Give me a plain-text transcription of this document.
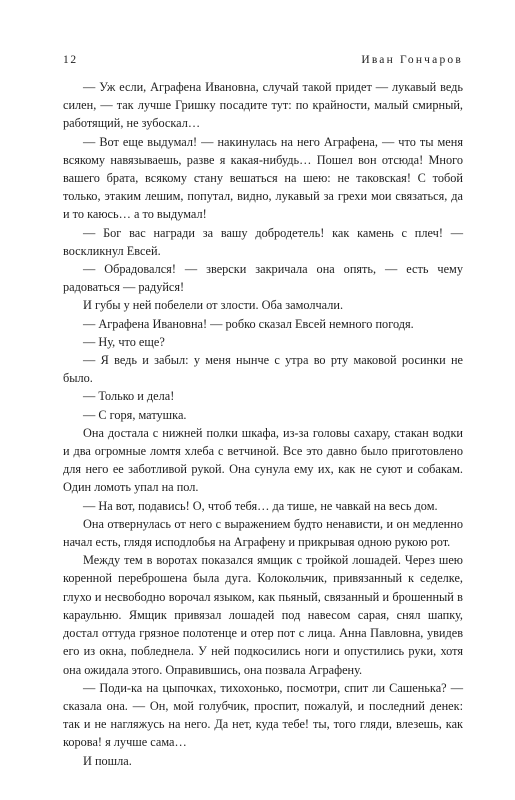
12	Иван Гончаров

— Уж если, Аграфена Ивановна, случай такой придет — лукавый ведь силен, — так лучше Гришку посадите тут: по крайности, малый смирный, работящий, не зубоскал…

— Вот еще выдумал! — накинулась на него Аграфена, — что ты меня всякому навязываешь, разве я какая-нибудь… Пошел вон отсюда! Много вашего брата, всякому стану вешаться на шею: не таковская! С тобой только, этаким лешим, попутал, видно, лукавый за грехи мои связаться, да и то каюсь… а то выдумал!

— Бог вас награди за вашу добродетель! как камень с плеч! — воскликнул Евсей.

— Обрадовался! — зверски закричала она опять, — есть чему радоваться — радуйся!

И губы у ней побелели от злости. Оба замолчали.

— Аграфена Ивановна! — робко сказал Евсей немного погодя.

— Ну, что еще?

— Я ведь и забыл: у меня нынче с утра во рту маковой росинки не было.

— Только и дела!

— С горя, матушка.

Она достала с нижней полки шкафа, из-за головы сахару, стакан водки и два огромные ломтя хлеба с ветчиной. Все это давно было приготовлено для него ее заботливой рукой. Она сунула ему их, как не суют и собакам. Один ломоть упал на пол.

— На вот, подавись! О, чтоб тебя… да тише, не чавкай на весь дом.

Она отвернулась от него с выражением будто ненависти, и он медленно начал есть, глядя исподлобья на Аграфену и прикрывая одною рукою рот.

Между тем в воротах показался ямщик с тройкой лошадей. Через шею коренной переброшена была дуга. Колокольчик, привязанный к седелке, глухо и несвободно ворочал языком, как пьяный, связанный и брошенный в караульню. Ямщик привязал лошадей под навесом сарая, снял шапку, достал оттуда грязное полотенце и отер пот с лица. Анна Павловна, увидев его из окна, побледнела. У ней подкосились ноги и опустились руки, хотя она ожидала этого. Оправившись, она позвала Аграфену.

— Поди-ка на цыпочках, тихохонько, посмотри, спит ли Сашенька? — сказала она. — Он, мой голубчик, проспит, пожалуй, и последний денек: так и не нагляжусь на него. Да нет, куда тебе! ты, того гляди, влезешь, как корова! я лучше сама…

И пошла.
